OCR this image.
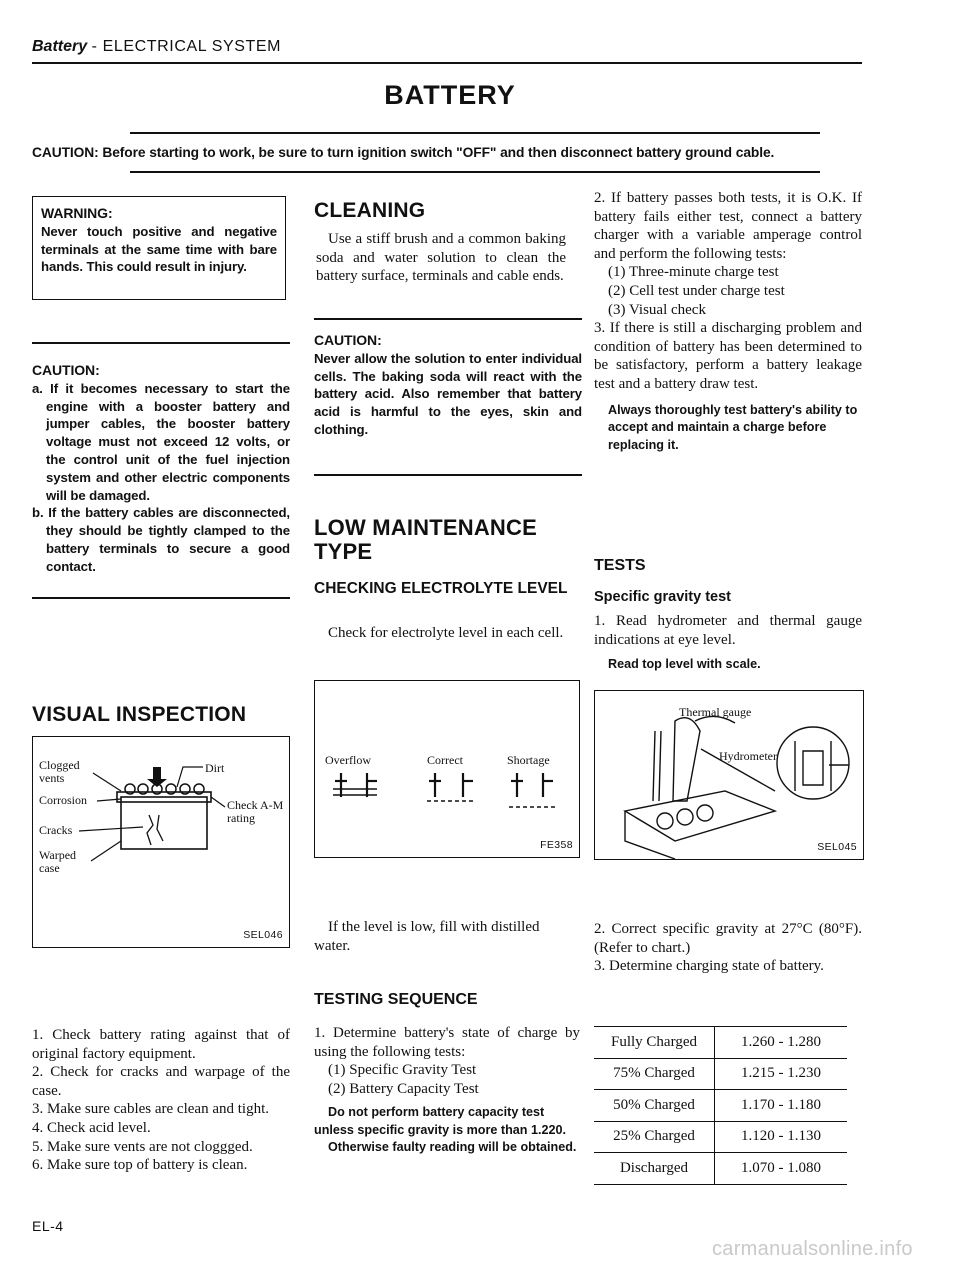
Battery - ELECTRICAL SYSTEM
BATTERY
CAUTION: Before starting to work, be sure to turn ignition switch "OFF" and then disconnect battery ground cable.
WARNING:
Never touch positive and negative terminals at the same time with bare hands. This could result in injury.
CAUTION:
a. If it becomes necessary to start the engine with a booster battery and jumper cables, the booster battery voltage must not exceed 12 volts, or the control unit of the fuel injection system and other electric components will be damaged.
b. If the battery cables are disconnected, they should be tightly clamped to the battery terminals to secure a good contact.
VISUAL INSPECTION
Clogged vents
Corrosion
Cracks
Warped case
Dirt
Check A-M rating
SEL046
1. Check battery rating against that of original factory equipment.
2. Check for cracks and warpage of the case.
3. Make sure cables are clean and tight.
4. Check acid level.
5. Make sure vents are not cloggged.
6. Make sure top of battery is clean.
EL-4
CLEANING
Use a stiff brush and a common baking soda and water solution to clean the battery surface, terminals and cable ends.
CAUTION:
Never allow the solution to enter individual cells. The baking soda will react with the battery acid. Also remember that battery acid is harmful to the eyes, skin and clothing.
LOW MAINTENANCE TYPE
CHECKING ELECTROLYTE LEVEL
Check for electrolyte level in each cell.
Overflow	Correct	Shortage
FE358
If the level is low, fill with distilled water.
TESTING SEQUENCE
1. Determine battery's state of charge by using the following tests:
(1) Specific Gravity Test
(2) Battery Capacity Test
Do not perform battery capacity test unless specific gravity is more than 1.220.
Otherwise faulty reading will be obtained.
2. If battery passes both tests, it is O.K. If battery fails either test, connect a battery charger with a variable amperage control and perform the following tests:
(1) Three-minute charge test
(2) Cell test under charge test
(3) Visual check
3. If there is still a discharging problem and condition of battery has been determined to be satisfactory, perform a battery leakage test and a battery draw test.
Always thoroughly test battery's ability to accept and maintain a charge before replacing it.
TESTS
Specific gravity test
1. Read hydrometer and thermal gauge indications at eye level.
Read top level with scale.
Thermal gauge
Hydrometer
SEL045
2. Correct specific gravity at 27°C (80°F). (Refer to chart.)
3. Determine charging state of battery.
Fully Charged	1.260 - 1.280
75% Charged	1.215 - 1.230
50% Charged	1.170 - 1.180
25% Charged	1.120 - 1.130
Discharged	1.070 - 1.080
carmanualsonline.info
